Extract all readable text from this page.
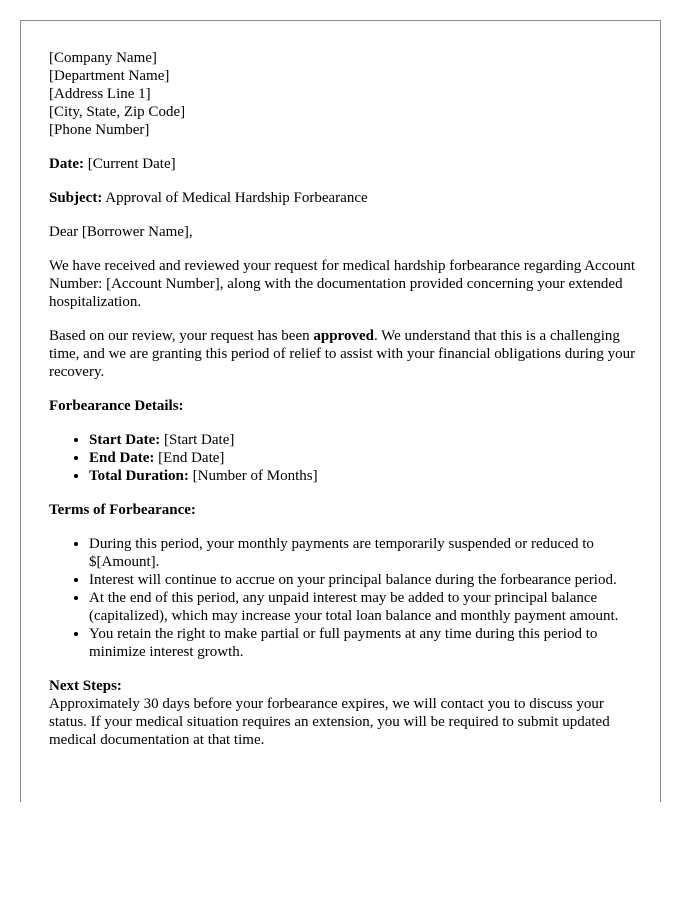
[Company Name]
[Department Name]
[Address Line 1]
[City, State, Zip Code]
[Phone Number]

Date: [Current Date]

Subject: Approval of Medical Hardship Forbearance

Dear [Borrower Name],

We have received and reviewed your request for medical hardship forbearance regarding Account Number: [Account Number], along with the documentation provided concerning your extended hospitalization.

Based on our review, your request has been approved. We understand that this is a challenging time, and we are granting this period of relief to assist with your financial obligations during your recovery.

Forbearance Details:

• Start Date: [Start Date]
• End Date: [End Date]
• Total Duration: [Number of Months]

Terms of Forbearance:

• During this period, your monthly payments are temporarily suspended or reduced to $[Amount].
• Interest will continue to accrue on your principal balance during the forbearance period.
• At the end of this period, any unpaid interest may be added to your principal balance (capitalized), which may increase your total loan balance and monthly payment amount.
• You retain the right to make partial or full payments at any time during this period to minimize interest growth.

Next Steps:

Approximately 30 days before your forbearance expires, we will contact you to discuss your status. If your medical situation requires an extension, you will be required to submit updated medical documentation at that time.
